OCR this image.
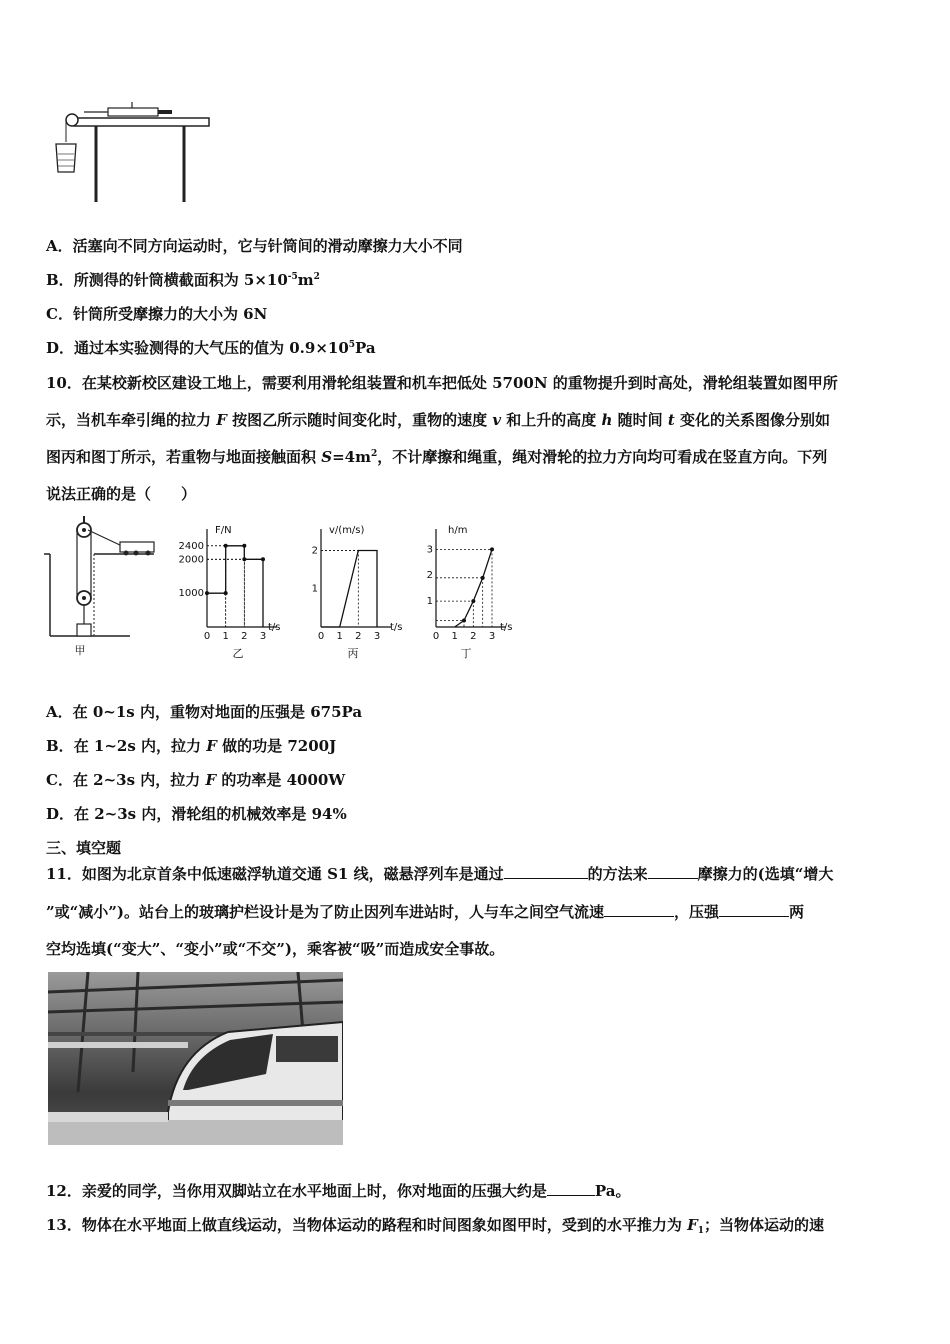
A．活塞向不同方向运动时，它与针筒间的滑动摩擦力大小不同
B．所测得的针筒横截面积为 $5\times 10^{-5}m^2$
C．针筒所受摩擦力的大小为 6N
D．通过本实验测得的大气压的值为 $0.9\times 10^5Pa$
10．在某校新校区建设工地上，需要利用滑轮组装置和机车把低处 5700N 的重物提升到时高处，滑轮组装置如图甲所
示，当机车牵引绳的拉力 F 按图乙所示随时间变化时，重物的速度 v 和上升的高度 h 随时间 t 变化的关系图像分别如
图丙和图丁所示，若重物与地面接触面积 $S=4m^2$，不计摩擦和绳重，绳对滑轮的拉力方向均可看成在竖直方向。下列
说法正确的是（　　）
甲
0 1 2 3
1000
2000
2400
F/N
t/s
乙
0 1 2 3
1
2
v/(m/s)
t/s
丙
0 1 2 3
1
2
3
h/m
t/s
丁
A．在 0~1s 内，重物对地面的压强是 675Pa
B．在 1~2s 内，拉力 F 做的功是 7200J
C．在 2~3s 内，拉力 F 的功率是 4000W
D．在 2~3s 内，滑轮组的机械效率是 94%
三、填空题
11．如图为北京首条中低速磁浮轨道交通 S1 线，磁悬浮列车是通过	的方法来	摩擦力的(选填“增大
”或“减小”)。站台上的玻璃护栏设计是为了防止因列车进站时，人与车之间空气流速	，压强	两
空均选填(“变大”、“变小”或“不交”)，乘客被“吸”而造成安全事故。
12．亲爱的同学，当你用双脚站立在水平地面上时，你对地面的压强大约是	Pa。
13．物体在水平地面上做直线运动，当物体运动的路程和时间图象如图甲时，受到的水平推力为 $F_1$；当物体运动的速
